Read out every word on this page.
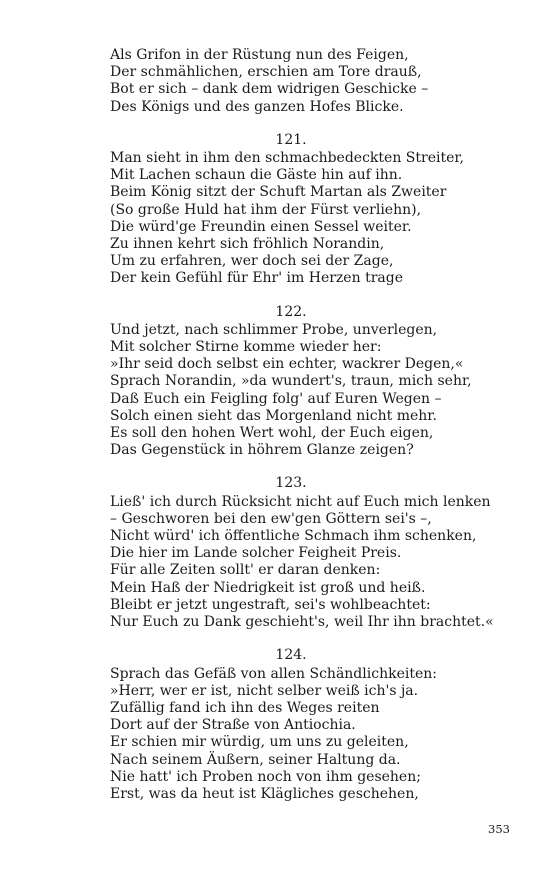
Als Grifon in der Rüstung nun des Feigen,
Der schmählichen, erschien am Tore drauß,
Bot er sich – dank dem widrigen Geschicke –
Des Königs und des ganzen Hofes Blicke.
121.
Man sieht in ihm den schmachbedeckten Streiter,
Mit Lachen schaun die Gäste hin auf ihn.
Beim König sitzt der Schuft Martan als Zweiter
(So große Huld hat ihm der Fürst verliehn),
Die würd'ge Freundin einen Sessel weiter.
Zu ihnen kehrt sich fröhlich Norandin,
Um zu erfahren, wer doch sei der Zage,
Der kein Gefühl für Ehr' im Herzen trage
122.
Und jetzt, nach schlimmer Probe, unverlegen,
Mit solcher Stirne komme wieder her:
»Ihr seid doch selbst ein echter, wackrer Degen,«
Sprach Norandin, »da wundert's, traun, mich sehr,
Daß Euch ein Feigling folg' auf Euren Wegen –
Solch einen sieht das Morgenland nicht mehr.
Es soll den hohen Wert wohl, der Euch eigen,
Das Gegenstück in höhrem Glanze zeigen?
123.
Ließ' ich durch Rücksicht nicht auf Euch mich lenken
– Geschworen bei den ew'gen Göttern sei's –,
Nicht würd' ich öffentliche Schmach ihm schenken,
Die hier im Lande solcher Feigheit Preis.
Für alle Zeiten sollt' er daran denken:
Mein Haß der Niedrigkeit ist groß und heiß.
Bleibt er jetzt ungestraft, sei's wohlbeachtet:
Nur Euch zu Dank geschieht's, weil Ihr ihn brachtet.«
124.
Sprach das Gefäß von allen Schändlichkeiten:
»Herr, wer er ist, nicht selber weiß ich's ja.
Zufällig fand ich ihn des Weges reiten
Dort auf der Straße von Antiochia.
Er schien mir würdig, um uns zu geleiten,
Nach seinem Äußern, seiner Haltung da.
Nie hatt' ich Proben noch von ihm gesehen;
Erst, was da heut ist Klägliches geschehen,
353
